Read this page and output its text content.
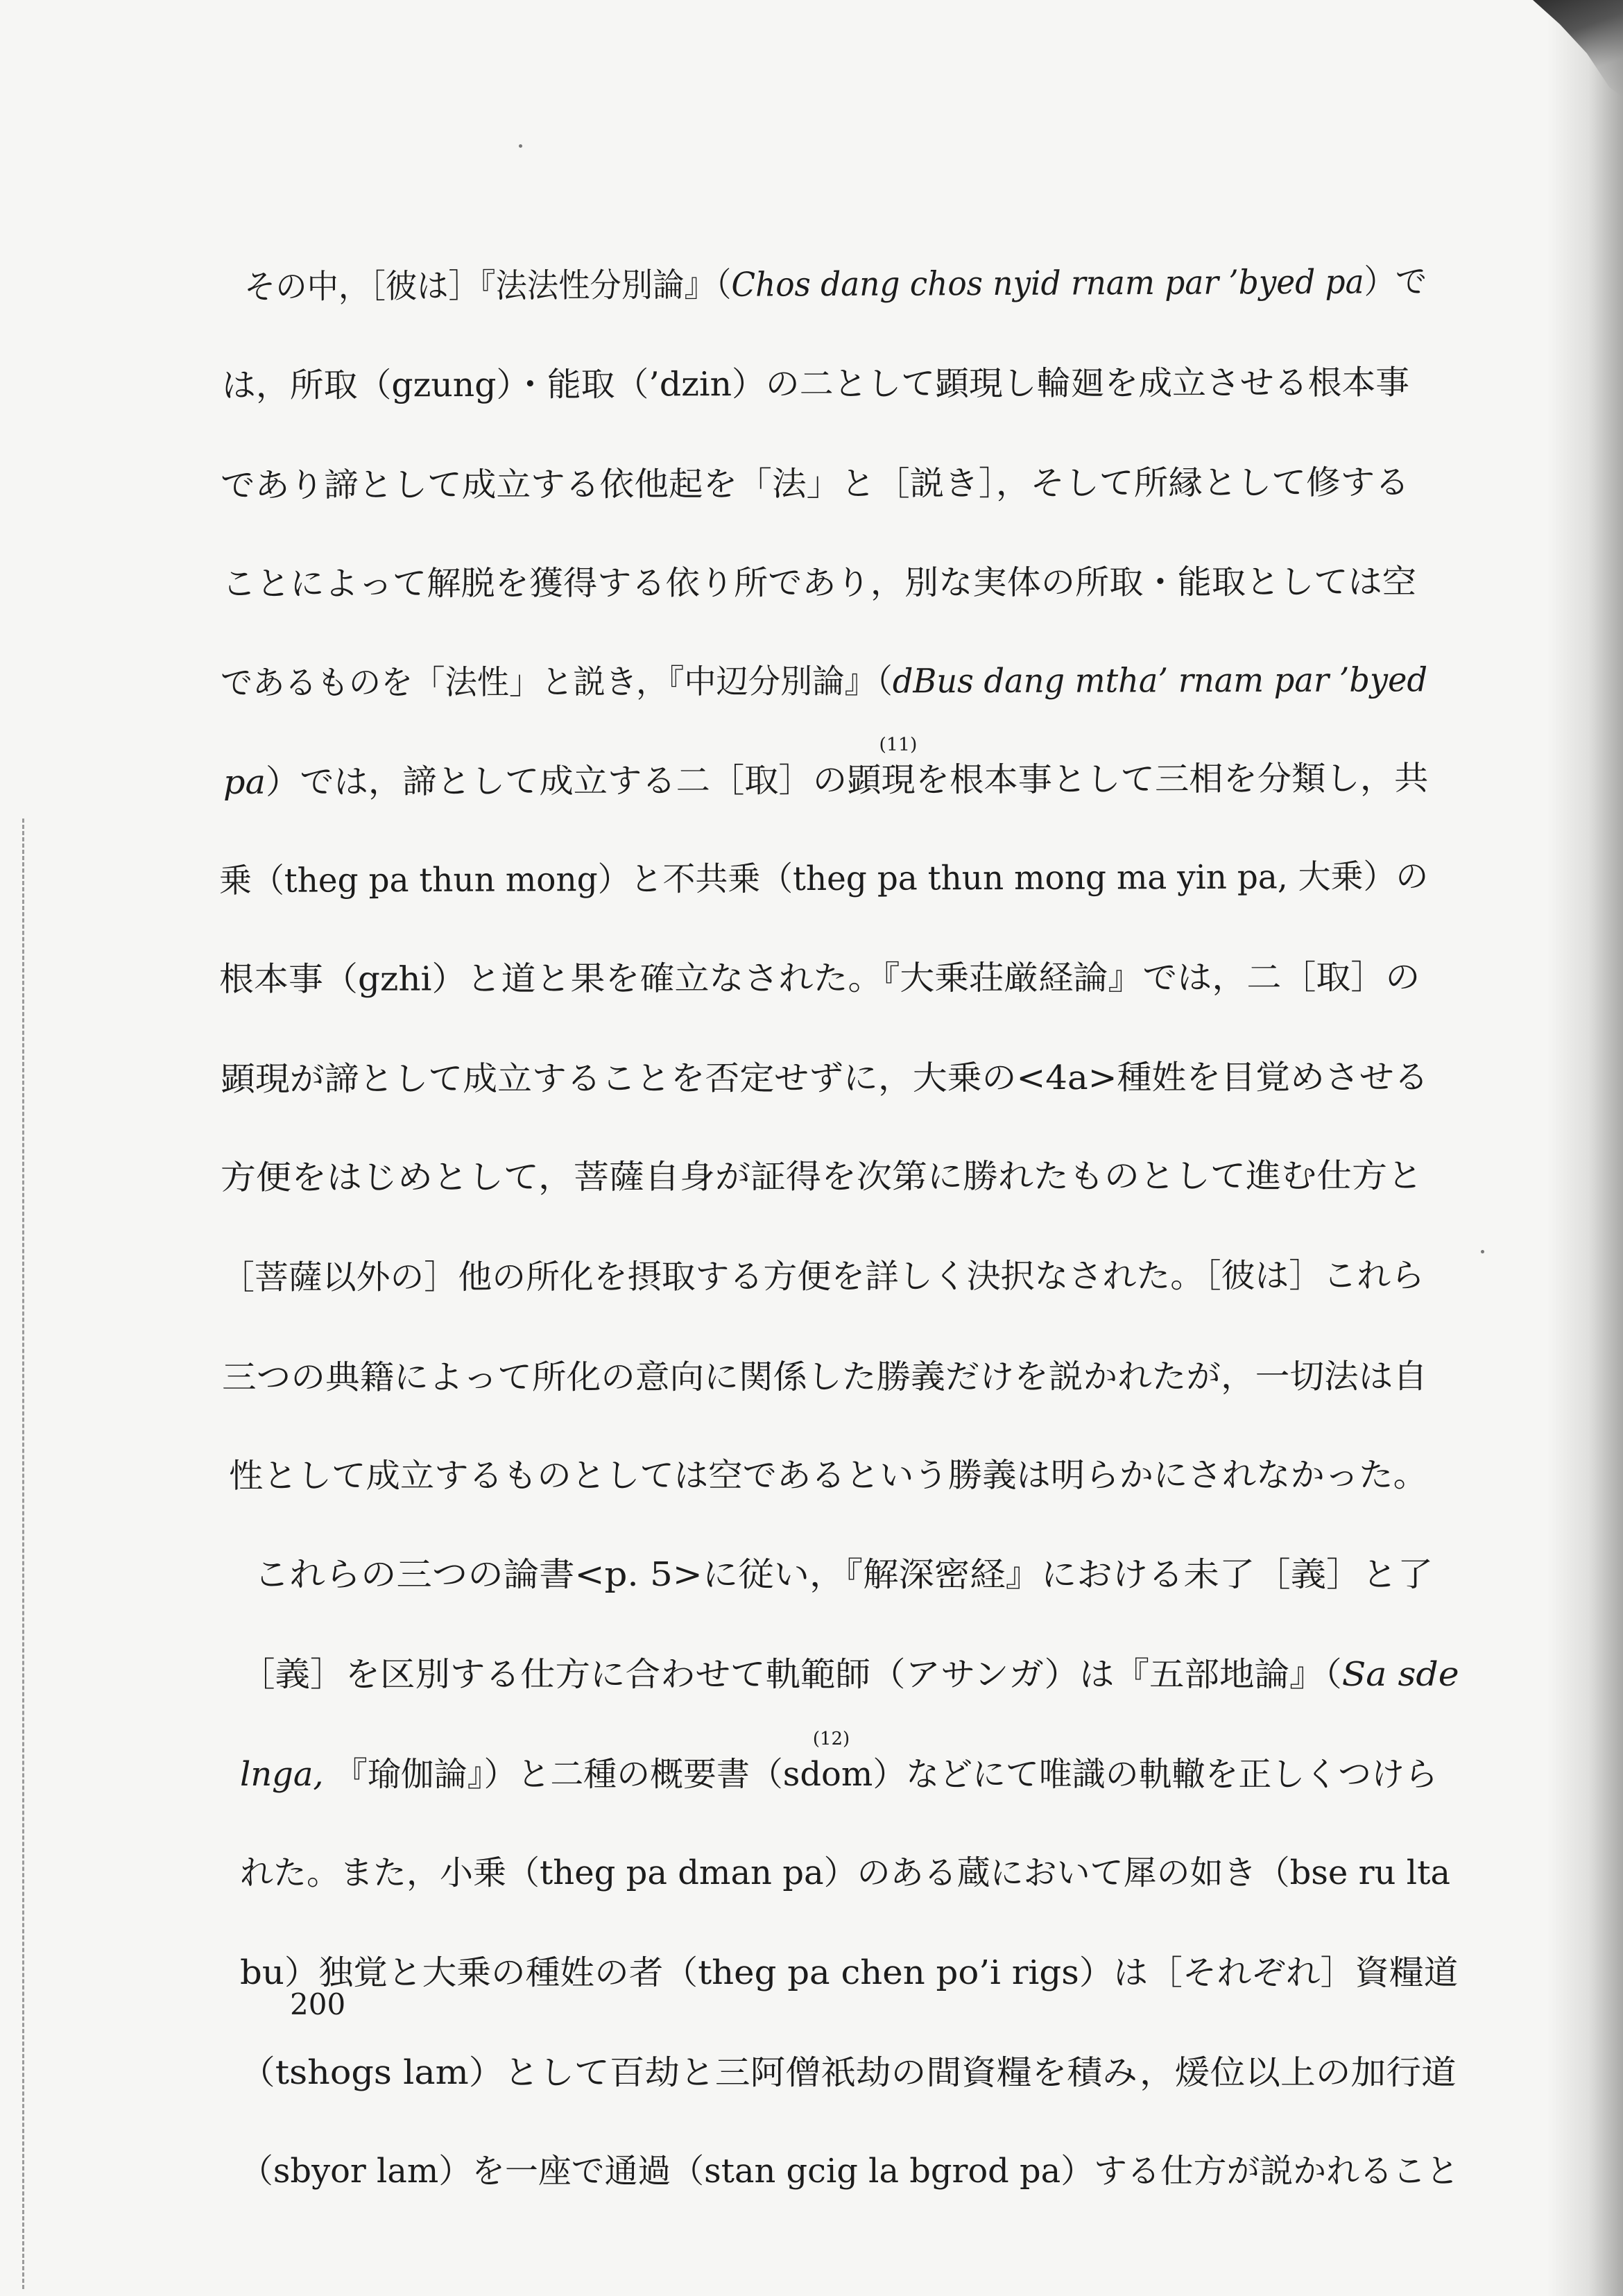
その中，［彼は］『法法性分別論』（Chos dang chos nyid rnam par ’byed pa）で
は，所取（gzung）・能取（’dzin）の二として顕現し輪廻を成立させる根本事
であり諦として成立する依他起を「法」と［説き］，そして所縁として修する
ことによって解脱を獲得する依り所であり，別な実体の所取・能取としては空
であるものを「法性」と説き，『中辺分別論』（dBus dang mtha’ rnam par ’byed
pa）では，諦として成立する二［取］の顕現
(11)
を根本事として三相を分類し，共
乗（theg pa thun mong）と不共乗（theg pa thun mong ma yin pa, 大乗）の
根本事（gzhi）と道と果を確立なされた。『大乗荘厳経論』では，二［取］の
顕現が諦として成立することを否定せずに，大乗の<4a>種姓を目覚めさせる
方便をはじめとして，菩薩自身が証得を次第に勝れたものとして進む仕方と
［菩薩以外の］他の所化を摂取する方便を詳しく決択なされた。［彼は］これら
三つの典籍によって所化の意向に関係した勝義だけを説かれたが，一切法は自
性として成立するものとしては空であるという勝義は明らかにされなかった。
これらの三つの論書<p. 5>に従い，『解深密経』における未了［義］と了
［義］を区別する仕方に合わせて軌範師（アサンガ）は『五部地論』（Sa sde
lnga, 『瑜伽論』）と二種の概要書（sdo
(12)
m）などにて唯識の軌轍を正しくつけら
れた。また，小乗（theg pa dman pa）のある蔵において犀の如き（bse ru lta
bu）独覚と大乗の種姓の者（theg pa chen po’i rigs）は［それぞれ］資糧道
（tshogs lam）として百劫と三阿僧祇劫の間資糧を積み，煖位以上の加行道
（sbyor lam）を一座で通過（stan gcig la bgrod pa）する仕方が説かれること
200
